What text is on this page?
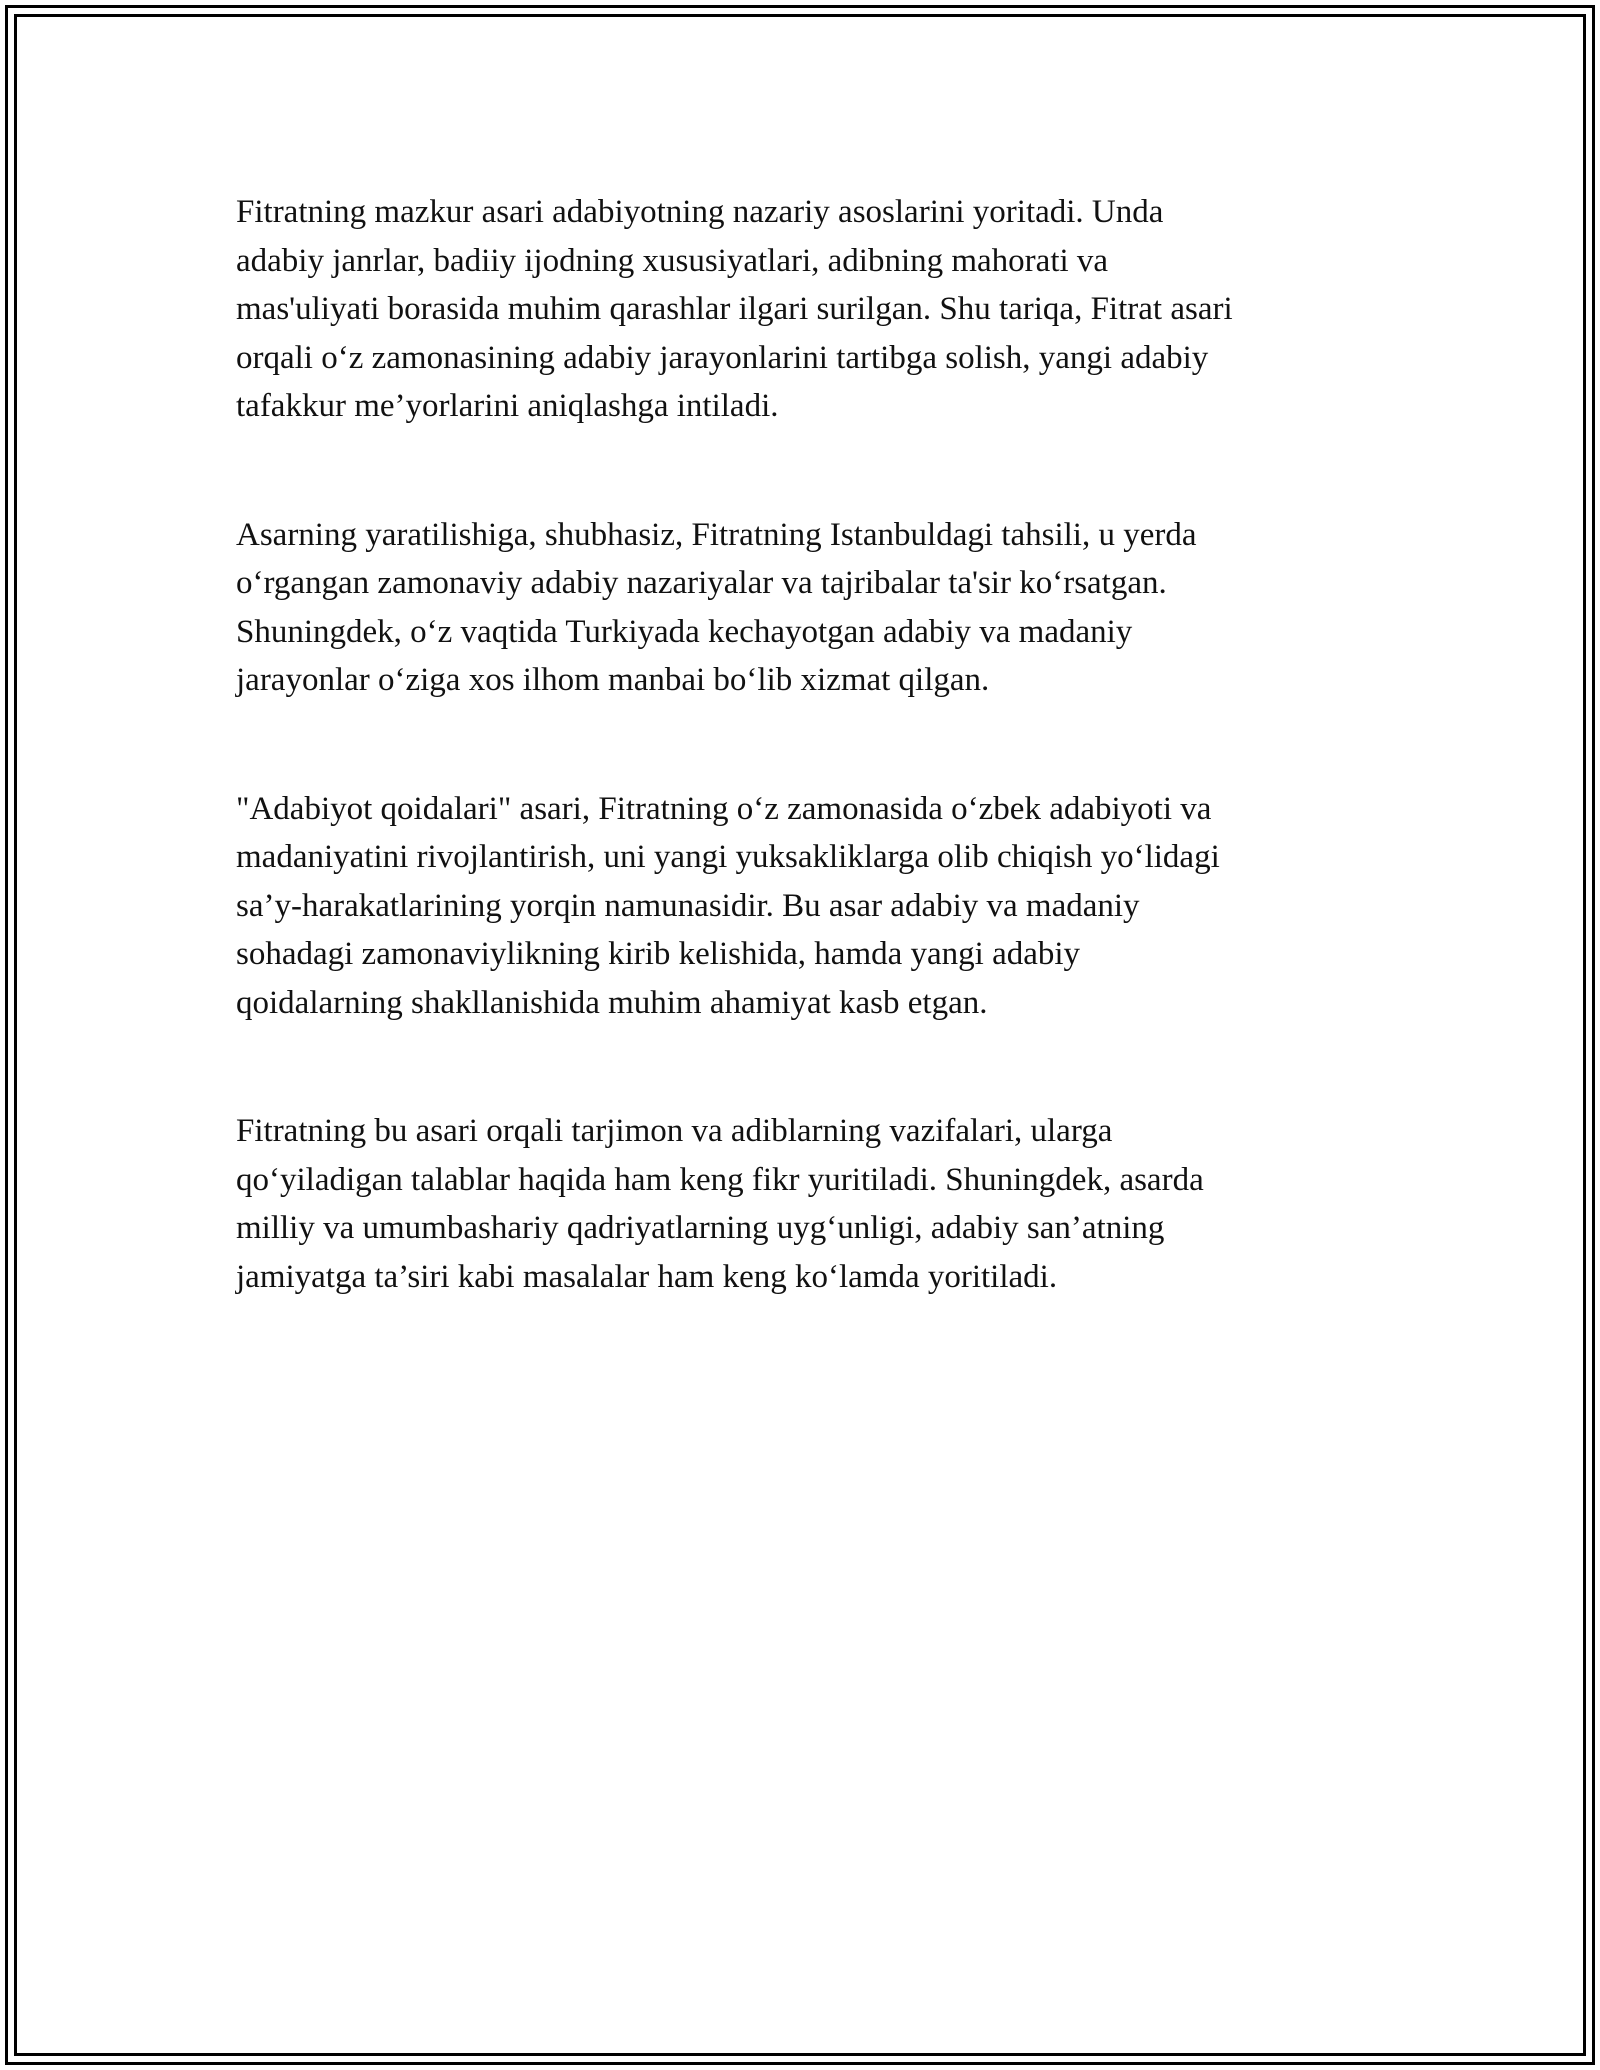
Fitratning mazkur asari adabiyotning nazariy asoslarini yoritadi. Unda
adabiy janrlar, badiiy ijodning xususiyatlari, adibning mahorati va
mas'uliyati borasida muhim qarashlar ilgari surilgan. Shu tariqa, Fitrat asari
orqali o‘z zamonasining adabiy jarayonlarini tartibga solish, yangi adabiy
tafakkur me’yorlarini aniqlashga intiladi.

Asarning yaratilishiga, shubhasiz, Fitratning Istanbuldagi tahsili, u yerda
o‘rgangan zamonaviy adabiy nazariyalar va tajribalar ta'sir ko‘rsatgan.
Shuningdek, o‘z vaqtida Turkiyada kechayotgan adabiy va madaniy
jarayonlar o‘ziga xos ilhom manbai bo‘lib xizmat qilgan.

"Adabiyot qoidalari" asari, Fitratning o‘z zamonasida o‘zbek adabiyoti va
madaniyatini rivojlantirish, uni yangi yuksakliklarga olib chiqish yo‘lidagi
sa’y-harakatlarining yorqin namunasidir. Bu asar adabiy va madaniy
sohadagi zamonaviylikning kirib kelishida, hamda yangi adabiy
qoidalarning shakllanishida muhim ahamiyat kasb etgan.

Fitratning bu asari orqali tarjimon va adiblarning vazifalari, ularga
qo‘yiladigan talablar haqida ham keng fikr yuritiladi. Shuningdek, asarda
milliy va umumbashariy qadriyatlarning uyg‘unligi, adabiy san’atning
jamiyatga ta’siri kabi masalalar ham keng ko‘lamda yoritiladi.
